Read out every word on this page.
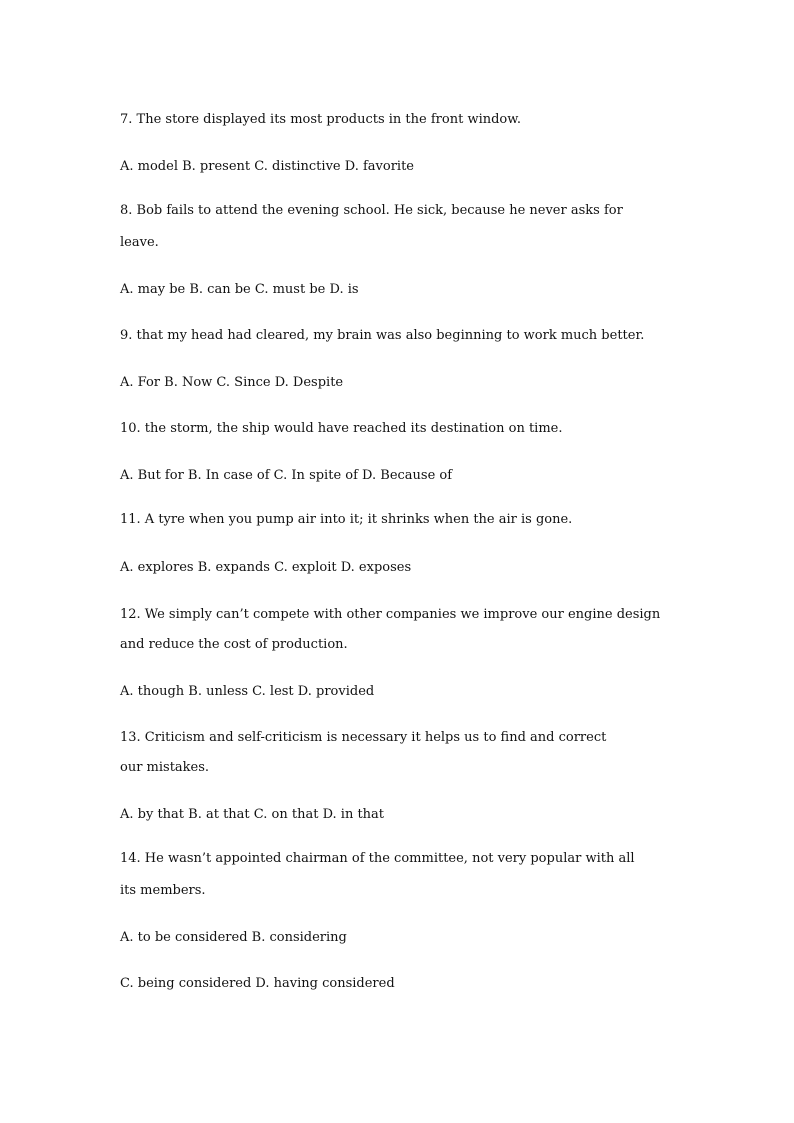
7. The store displayed its most products in the front window.
A. model B. present C. distinctive D. favorite
8. Bob fails to attend the evening school. He sick, because he never asks for
leave.
A. may be B. can be C. must be D. is
9. that my head had cleared, my brain was also beginning to work much better.
A. For B. Now C. Since D. Despite
10. the storm, the ship would have reached its destination on time.
A. But for B. In case of C. In spite of D. Because of
11. A tyre when you pump air into it; it shrinks when the air is gone.
A. explores B. expands C. exploit D. exposes
12. We simply can’t compete with other companies we improve our engine design
and reduce the cost of production.
A. though B. unless C. lest D. provided
13. Criticism and self-criticism is necessary it helps us to find and correct
our mistakes.
A. by that B. at that C. on that D. in that
14. He wasn’t appointed chairman of the committee, not very popular with all
its members.
A. to be considered B. considering
C. being considered D. having considered
